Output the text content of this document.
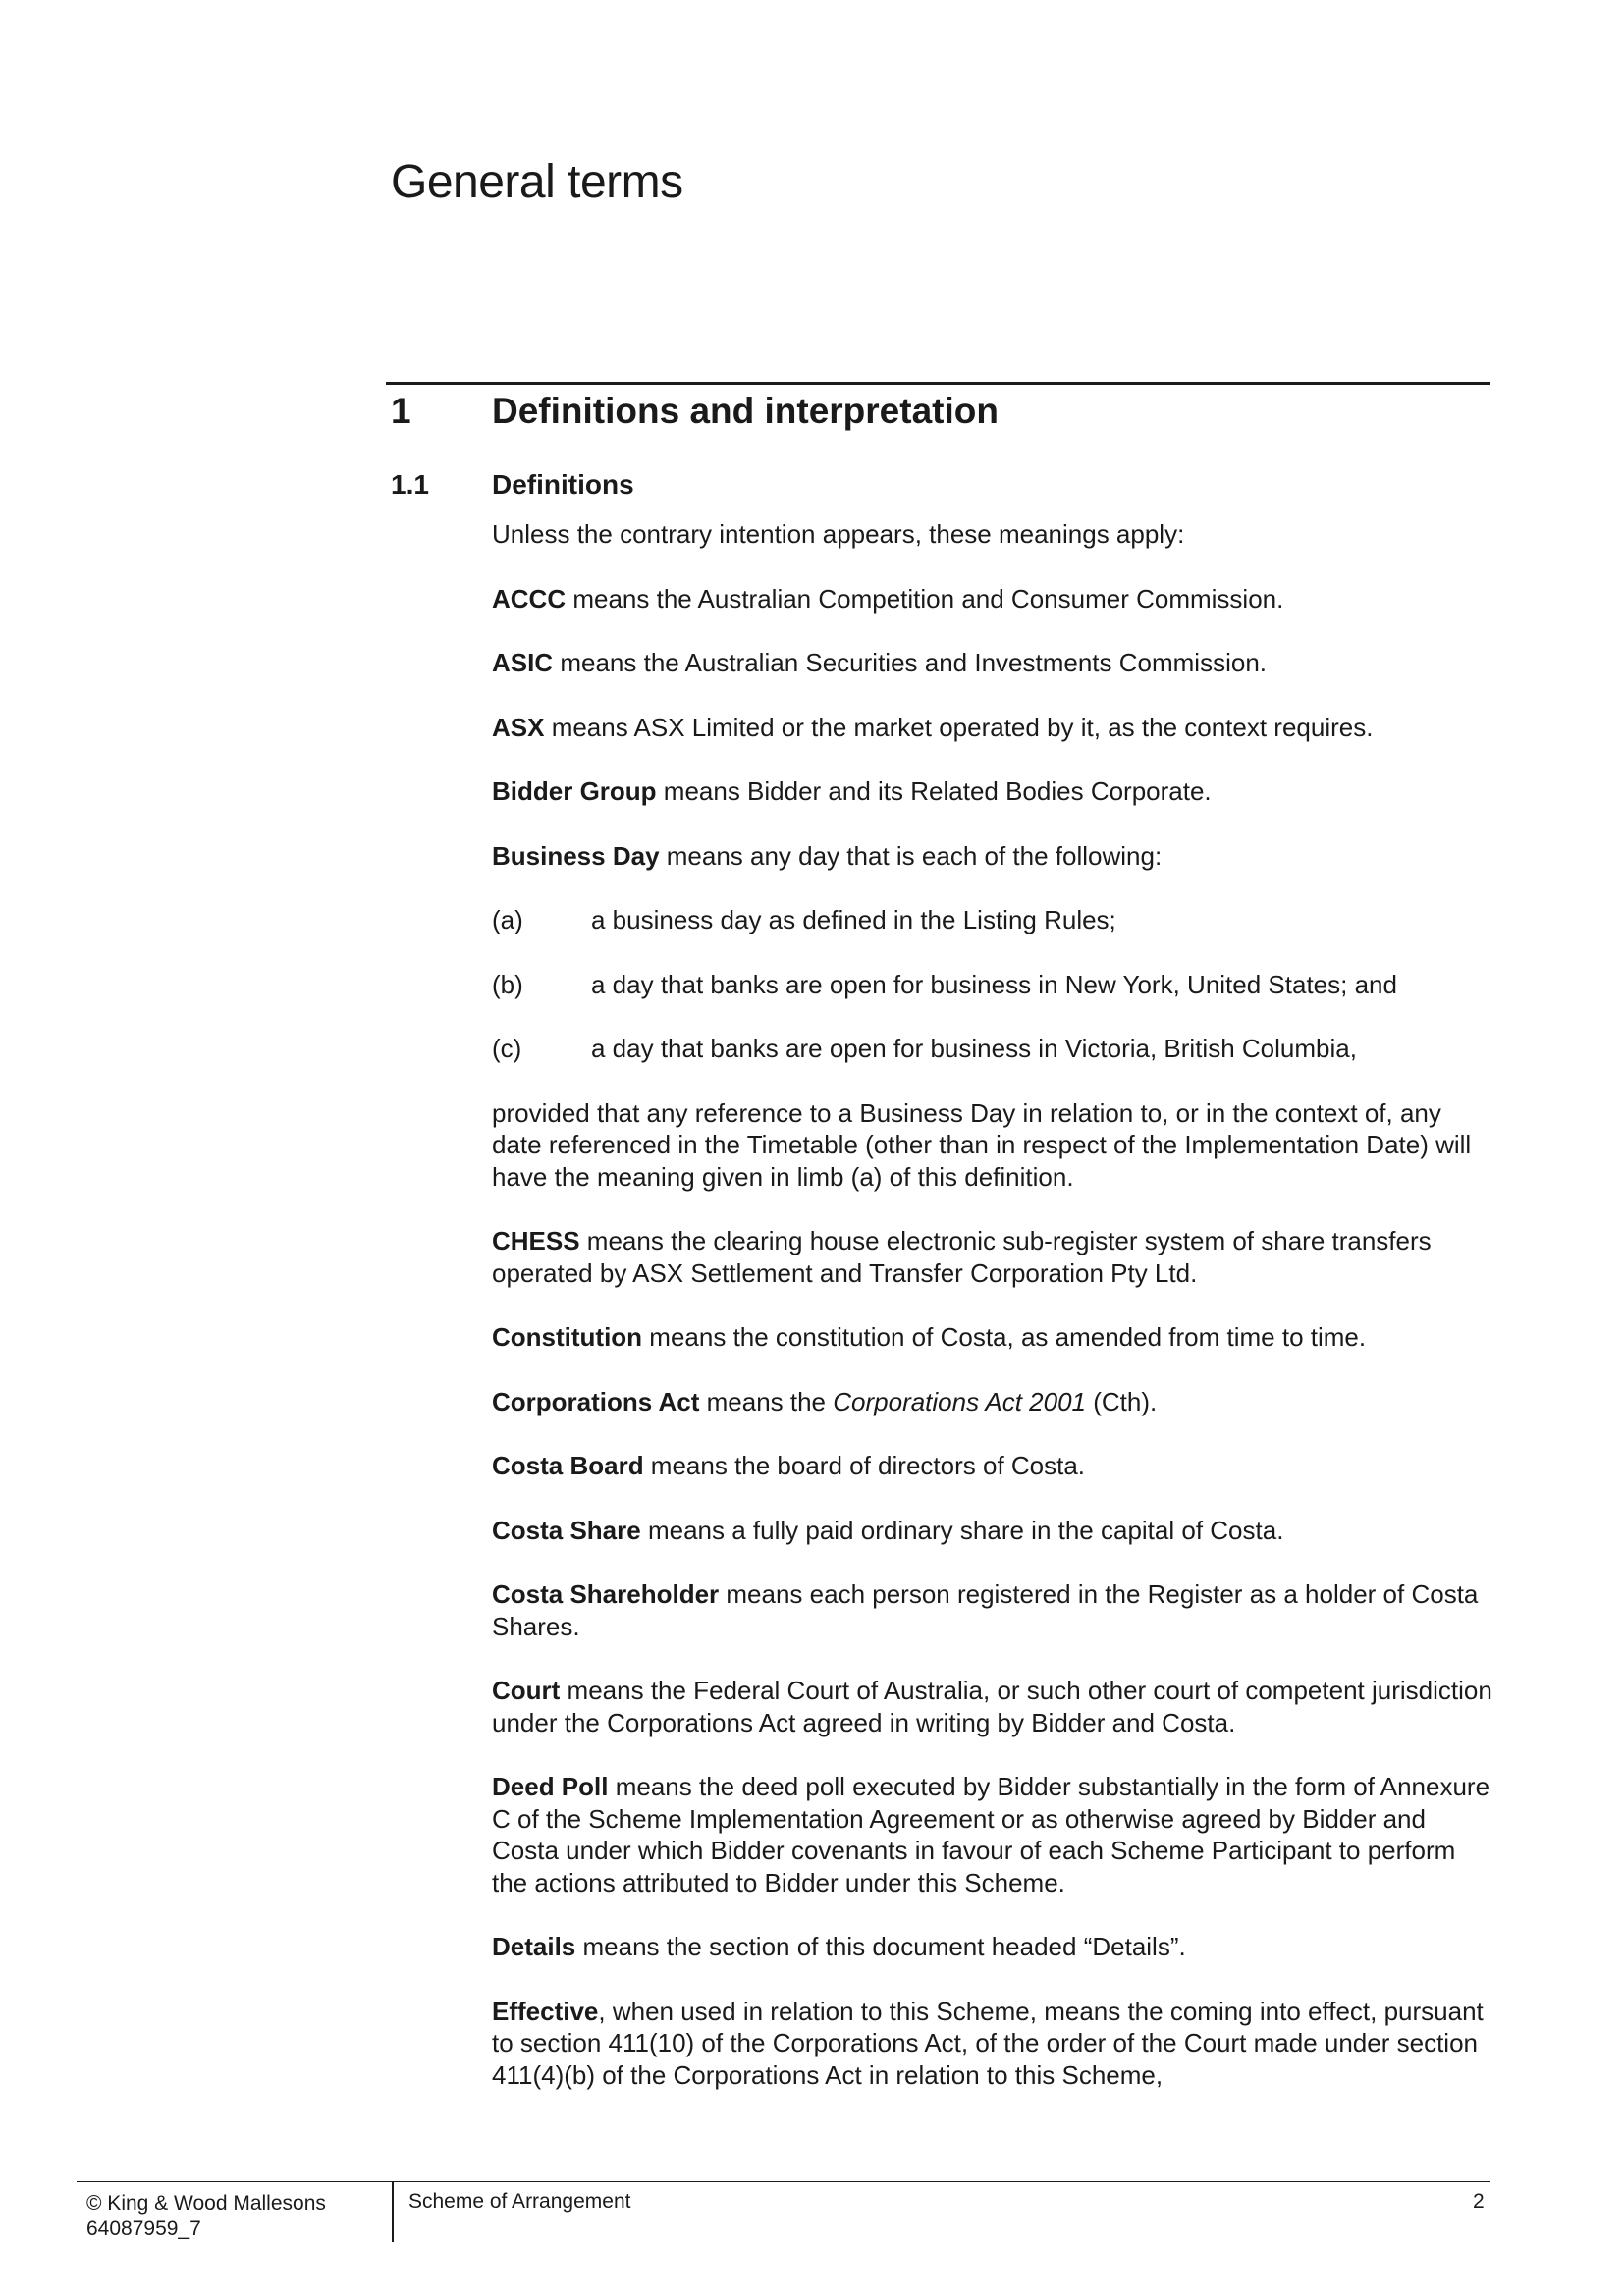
General terms
1	Definitions and interpretation
1.1 Definitions

Unless the contrary intention appears, these meanings apply:

ACCC means the Australian Competition and Consumer Commission.

ASIC means the Australian Securities and Investments Commission.

ASX means ASX Limited or the market operated by it, as the context requires.

Bidder Group means Bidder and its Related Bodies Corporate.

Business Day means any day that is each of the following:

(a)	a business day as defined in the Listing Rules;
(b)	a day that banks are open for business in New York, United States; and
(c)	a day that banks are open for business in Victoria, British Columbia,

provided that any reference to a Business Day in relation to, or in the context of, any date referenced in the Timetable (other than in respect of the Implementation Date) will have the meaning given in limb (a) of this definition.

CHESS means the clearing house electronic sub-register system of share transfers operated by ASX Settlement and Transfer Corporation Pty Ltd.

Constitution means the constitution of Costa, as amended from time to time.

Corporations Act means the Corporations Act 2001 (Cth).

Costa Board means the board of directors of Costa.

Costa Share means a fully paid ordinary share in the capital of Costa.

Costa Shareholder means each person registered in the Register as a holder of Costa Shares.

Court means the Federal Court of Australia, or such other court of competent jurisdiction under the Corporations Act agreed in writing by Bidder and Costa.

Deed Poll means the deed poll executed by Bidder substantially in the form of Annexure C of the Scheme Implementation Agreement or as otherwise agreed by Bidder and Costa under which Bidder covenants in favour of each Scheme Participant to perform the actions attributed to Bidder under this Scheme.

Details means the section of this document headed “Details”.

Effective, when used in relation to this Scheme, means the coming into effect, pursuant to section 411(10) of the Corporations Act, of the order of the Court made under section 411(4)(b) of the Corporations Act in relation to this Scheme,

© King & Wood Mallesons
64087959_7
Scheme of Arrangement	2
